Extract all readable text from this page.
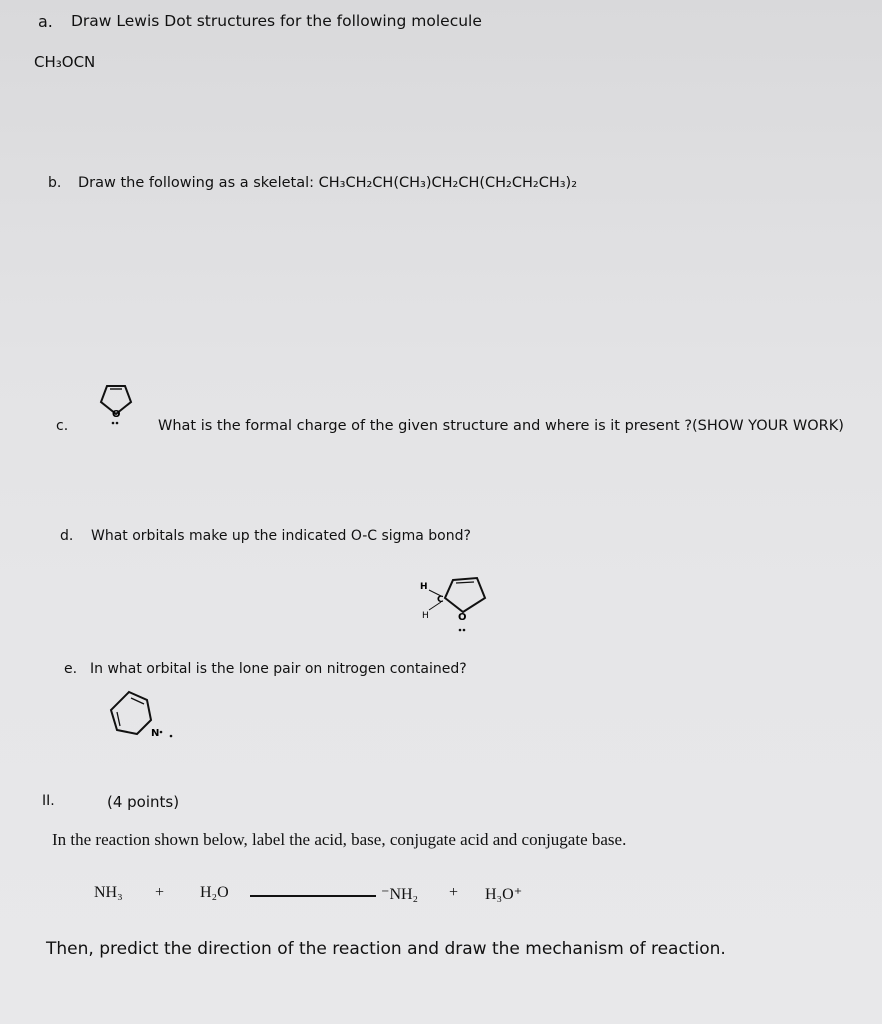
a. Draw Lewis Dot structures for the following molecule
CH₃OCN
b. Draw the following as a skeletal: CH₃CH₂CH(CH₃)CH₂CH(CH₂CH₂CH₃)₂
O
c.	What is the formal charge of the given structure and where is it present ?(SHOW YOUR WORK)
d. What orbitals make up the indicated O-C sigma bond?
H
C
H	O
e. In what orbital is the lone pair on nitrogen contained?
N
II.	(4 points)
In the reaction shown below, label the acid, base, conjugate acid and conjugate base.
NH₃ + H₂O	⁻NH₂ + H₃O⁺
Then, predict the direction of the reaction and draw the mechanism of reaction.
